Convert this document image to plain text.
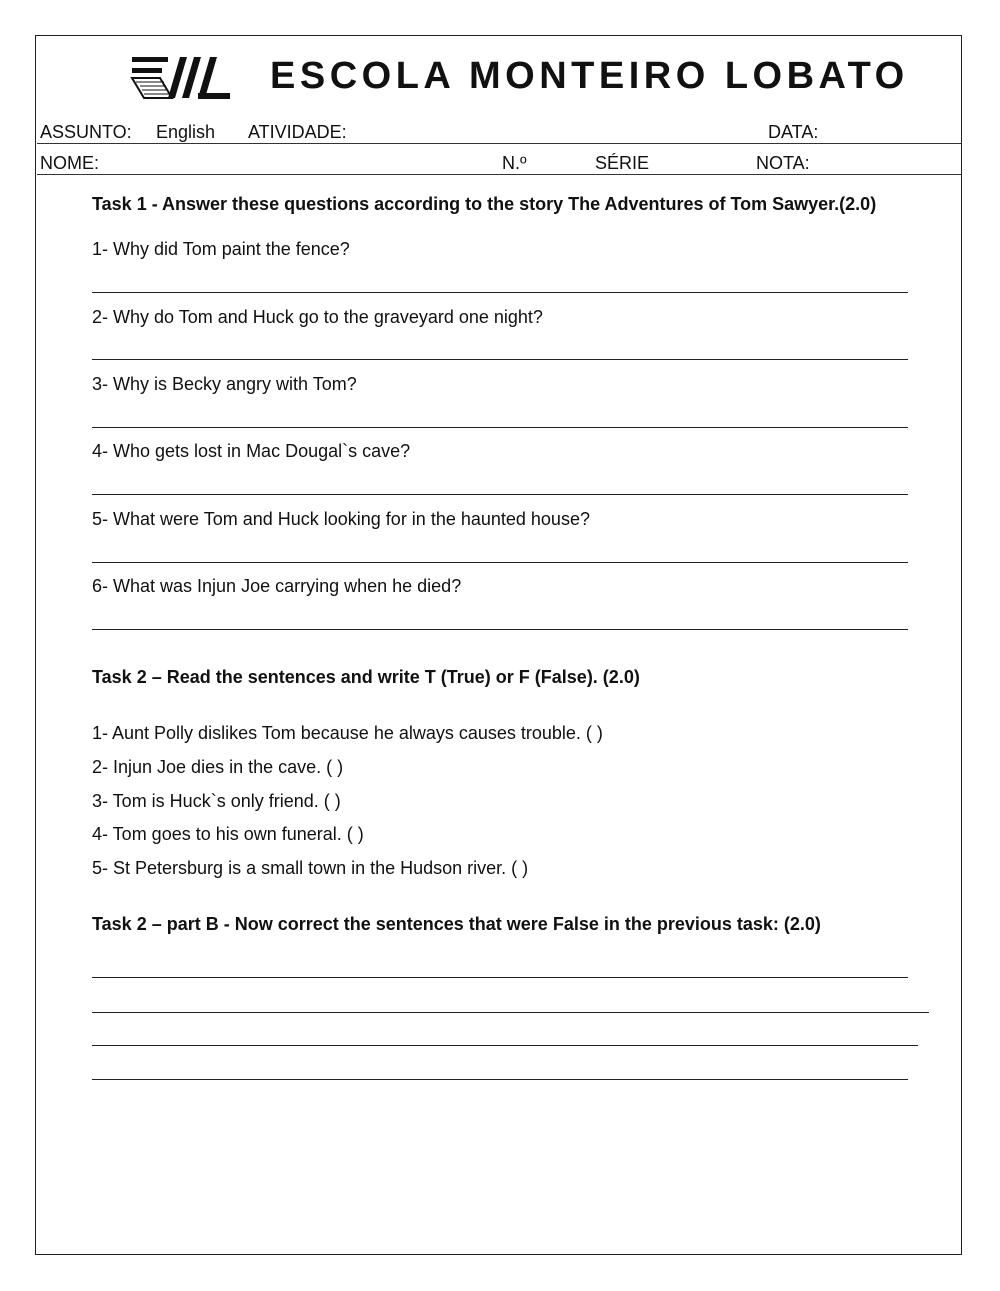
ESCOLA MONTEIRO LOBATO
ASSUNTO: English ATIVIDADE:	DATA:
NOME:	N.º	SÉRIE	NOTA:
Task 1 - Answer these questions according to the story The Adventures of Tom Sawyer.(2.0)
1- Why did Tom paint the fence?
2- Why do Tom and Huck go to the graveyard one night?
3- Why is Becky angry with Tom?
4- Who gets lost in Mac Dougal`s cave?
5- What were Tom and Huck looking for in the haunted house?
6- What was Injun Joe carrying when he died?
Task 2 – Read the sentences and write T (True) or F (False). (2.0)
1- Aunt Polly dislikes Tom because he always causes trouble. ( )
2- Injun Joe dies in the cave. ( )
3- Tom is Huck`s only friend. ( )
4- Tom goes to his own funeral. ( )
5- St Petersburg is a small town in the Hudson river. ( )
Task 2 – part B - Now correct the sentences that were False in the previous task: (2.0)
